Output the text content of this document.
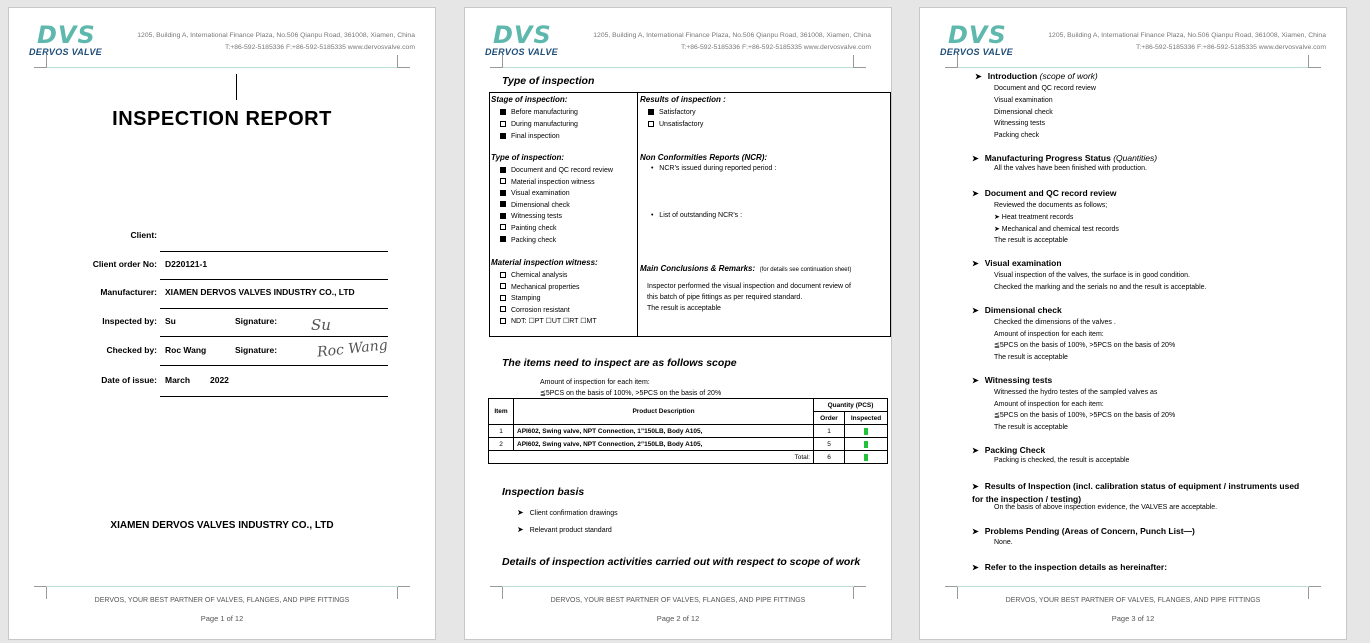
DVS
DERVOS VALVE
1205, Building A, International Finance Plaza, No.506 Qianpu Road, 361008, Xiamen, China
T:+86-592-5185336 F:+86-592-5185335 www.dervosvalve.com
INSPECTION REPORT
Client:
Client order No: D220121-1
Manufacturer: XIAMEN DERVOS VALVES INDUSTRY CO., LTD
Inspected by: Su	Signature: Su
Checked by: Roc Wang	Signature:	Roc Wang
Date of issue: March 2022
XIAMEN DERVOS VALVES INDUSTRY CO., LTD
DERVOS, YOUR BEST PARTNER OF VALVES, FLANGES, AND PIPE FITTINGS
Page 1 of 12
DVS
DERVOS VALVE
1205, Building A, International Finance Plaza, No.506 Qianpu Road, 361008, Xiamen, China
T:+86-592-5185336 F:+86-592-5185335 www.dervosvalve.com
Type of inspection
Stage of inspection:
Before manufacturing
During manufacturing
Final inspection
Type of inspection:
Document and QC record review
Material inspection witness
Visual examination
Dimensional check
Witnessing tests
Painting check
Packing check
Material inspection witness:
Chemical analysis
Mechanical properties
Stamping
Corrosion resistant
NDT: ☐PT ☐UT ☐RT ☐MT
Results of inspection :
Satisfactory
Unsatisfactory
Non Conformities Reports (NCR):
•   NCR’s issued during reported period :
•   List of outstanding NCR’s :
Main Conclusions & Remarks: (for details see continuation sheet)
Inspector performed the visual inspection and document review of
this batch of pipe fittings as per required standard.
The result is acceptable
The items need to inspect are as follows scope
Amount of inspection for each item:
≦5PCS on the basis of 100%, >5PCS on the basis of 20%
Item	Product Description	Quantity (PCS)	
		Order	Inspected
1	API602, Swing valve, NPT Connection, 1”150LB, Body A105,	1	1
2	API602, Swing valve, NPT Connection, 2”150LB, Body A105,	5	5
Total:		6	6
Inspection basis
➤ Client confirmation drawings
➤ Relevant product standard
Details of inspection activities carried out with respect to scope of work
DERVOS, YOUR BEST PARTNER OF VALVES, FLANGES, AND PIPE FITTINGS
Page 2 of 12
DVS
DERVOS VALVE
1205, Building A, International Finance Plaza, No.506 Qianpu Road, 361008, Xiamen, China
T:+86-592-5185336 F:+86-592-5185335 www.dervosvalve.com
➤ Introduction (scope of work)
Document and QC record review
Visual examination
Dimensional check
Witnessing tests
Packing check
➤ Manufacturing Progress Status (Quantities)
All the valves have been finished with production.
➤ Document and QC record review
Reviewed the documents as follows;
➤ Heat treatment records
➤ Mechanical and chemical test records
The result is acceptable
➤ Visual examination
Visual inspection of the valves, the surface is in good condition.
Checked the marking and the serials no and the result is acceptable.
➤ Dimensional check
Checked the dimensions of the valves .
Amount of inspection for each item:
≦5PCS on the basis of 100%, >5PCS on the basis of 20%
The result is acceptable
➤ Witnessing tests
Witnessed the hydro testes of the sampled valves as
Amount of inspection for each item:
≦5PCS on the basis of 100%, >5PCS on the basis of 20%
The result is acceptable
➤ Packing Check
Packing is checked, the result is acceptable
➤ Results of Inspection (incl. calibration status of equipment / instruments used
for the inspection / testing)
On the basis of above inspection evidence, the VALVES are acceptable.
➤ Problems Pending (Areas of Concern, Punch List—)
None.
➤ Refer to the inspection details as hereinafter:
DERVOS, YOUR BEST PARTNER OF VALVES, FLANGES, AND PIPE FITTINGS
Page 3 of 12
